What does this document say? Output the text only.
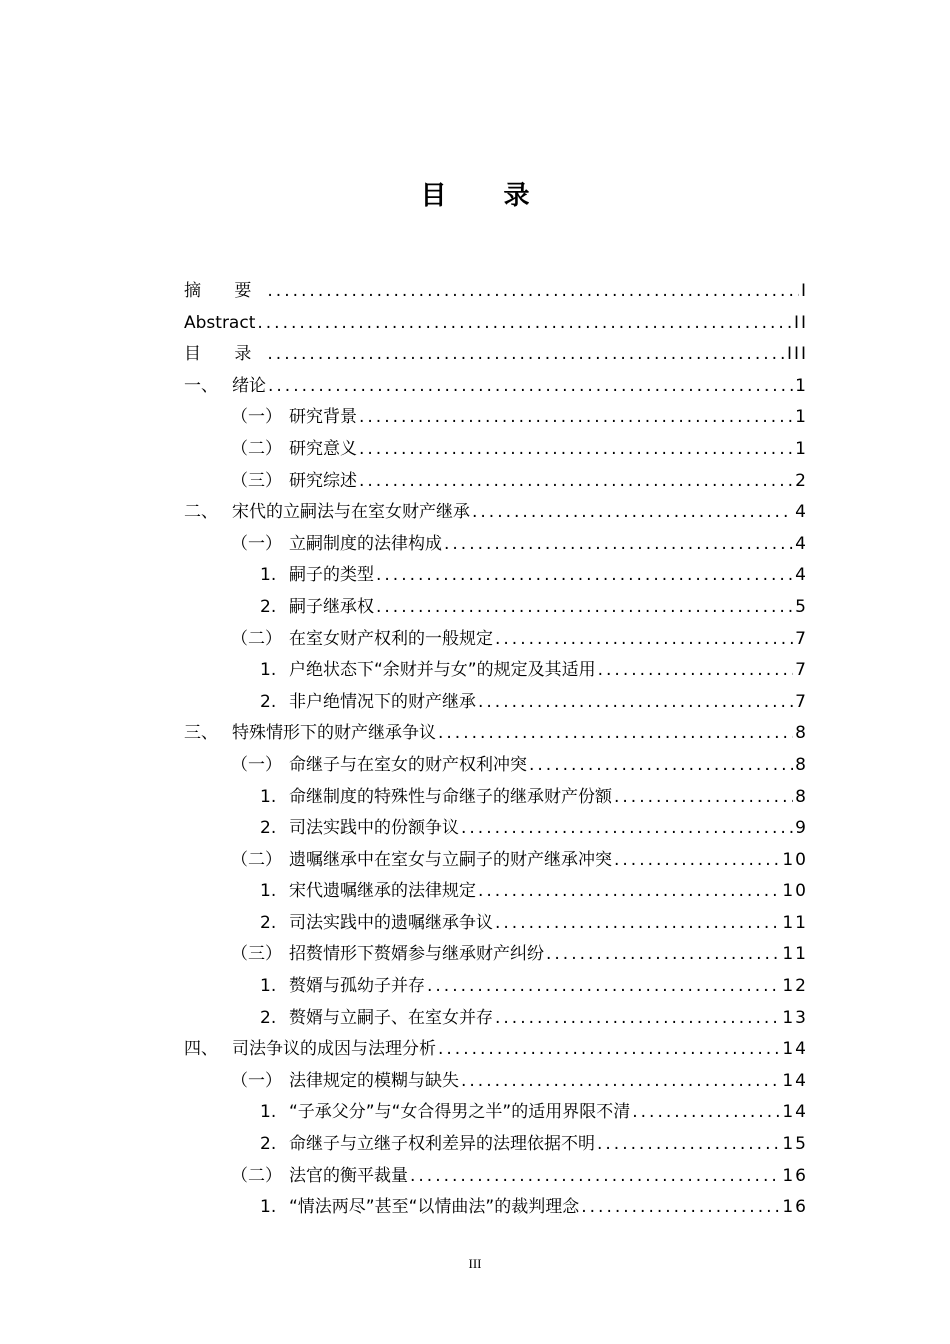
目 录
摘 要 .....	I
Abstract .....	II
目 录 .....	III
一、 绪论 .....	1
（一） 研究背景 .....	1
（二） 研究意义 .....	1
（三） 研究综述 .....	2
二、 宋代的立嗣法与在室女财产继承 .....	4
（一） 立嗣制度的法律构成 .....	4
1. 嗣子的类型 .....	4
2. 嗣子继承权 .....	5
（二） 在室女财产权利的一般规定 .....	7
1. 户绝状态下“余财并与女”的规定及其适用 .....	7
2. 非户绝情况下的财产继承 .....	7
三、 特殊情形下的财产继承争议 .....	8
（一） 命继子与在室女的财产权利冲突 .....	8
1. 命继制度的特殊性与命继子的继承财产份额 .....	8
2. 司法实践中的份额争议 .....	9
（二） 遗嘱继承中在室女与立嗣子的财产继承冲突 .....	10
1. 宋代遗嘱继承的法律规定 .....	10
2. 司法实践中的遗嘱继承争议 .....	11
（三） 招赘情形下赘婿参与继承财产纠纷 .....	11
1. 赘婿与孤幼子并存 .....	12
2. 赘婿与立嗣子、在室女并存 .....	13
四、 司法争议的成因与法理分析 .....	14
（一） 法律规定的模糊与缺失 .....	14
1. “子承父分”与“女合得男之半”的适用界限不清 .....	14
2. 命继子与立继子权利差异的法理依据不明 .....	15
（二） 法官的衡平裁量 .....	16
1. “情法两尽”甚至“以情曲法”的裁判理念 .....	16
III
